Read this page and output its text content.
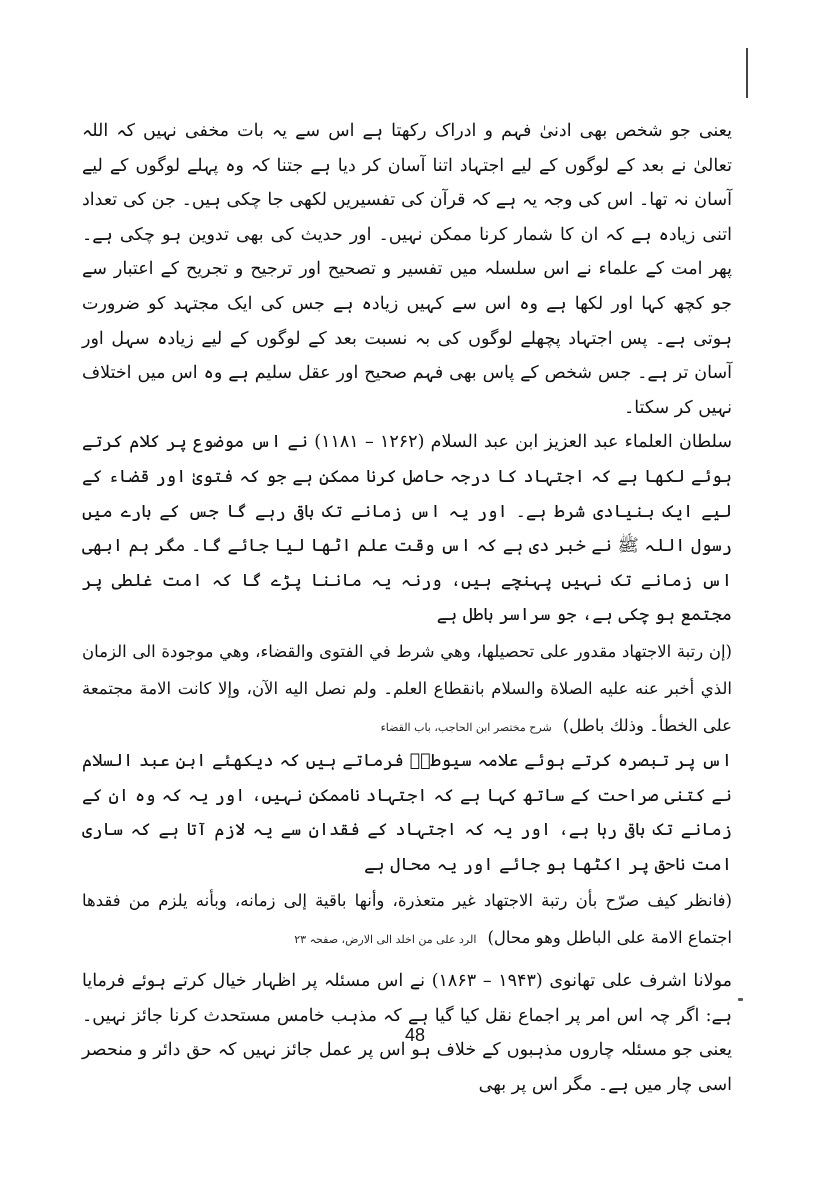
یعنی جو شخص بھی ادنیٰ فہم و ادراک رکھتا ہے اس سے یہ بات مخفی نہیں کہ اللہ تعالیٰ نے بعد کے لوگوں کے لیے اجتہاد اتنا آسان کر دیا ہے جتنا کہ وہ پہلے لوگوں کے لیے آسان نہ تھا۔ اس کی وجہ یہ ہے کہ قرآن کی تفسیریں لکھی جا چکی ہیں۔ جن کی تعداد اتنی زیادہ ہے کہ ان کا شمار کرنا ممکن نہیں۔ اور حدیث کی بھی تدوین ہو چکی ہے۔ پھر امت کے علماء نے اس سلسلہ میں تفسیر و تصحیح اور ترجیح و تجریح کے اعتبار سے جو کچھ کہا اور لکھا ہے وہ اس سے کہیں زیادہ ہے جس کی ایک مجتہد کو ضرورت ہوتی ہے۔ پس اجتہاد پچھلے لوگوں کی بہ نسبت بعد کے لوگوں کے لیے زیادہ سہل اور آسان تر ہے۔ جس شخص کے پاس بھی فہم صحیح اور عقل سلیم ہے وہ اس میں اختلاف نہیں کر سکتا۔

سلطان العلماء عبد العزیز ابن عبد السلام (۱۲۶۲ – ۱۱۸۱) نے اس موضوع پر کلام کرتے ہوئے لکھا ہے کہ اجتہاد کا درجہ حاصل کرنا ممکن ہے جو کہ فتویٰ اور قضاء کے لیے ایک بنیادی شرط ہے۔ اور یہ اس زمانے تک باقی رہے گا جس کے بارے میں رسول اللہ ﷺ نے خبر دی ہے کہ اس وقت علم اٹھا لیا جائے گا۔ مگر ہم ابھی اس زمانے تک نہیں پہنچے ہیں، ورنہ یہ ماننا پڑے گا کہ امت غلطی پر مجتمع ہو چکی ہے، جو سراسر باطل ہے

(إن رتبة الاجتهاد مقدور على تحصيلها، وهي شرط في الفتوى والقضاء، وهي موجودة الى الزمان الذي أخبر عنه عليه الصلاة والسلام بانقطاع العلم۔ ولم نصل اليه الآن، وإلا كانت الامة مجتمعة على الخطأ۔ وذلك باطل) شرح مختصر ابن الحاجب، باب القضاء

اس پر تبصرہ کرتے ہوئے علامہ سیوطیؒ فرماتے ہیں کہ دیکھئے ابن عبد السلام نے کتنی صراحت کے ساتھ کہا ہے کہ اجتہاد ناممکن نہیں، اور یہ کہ وہ ان کے زمانے تک باقی رہا ہے، اور یہ کہ اجتہاد کے فقدان سے یہ لازم آتا ہے کہ ساری امت ناحق پر اکٹھا ہو جائے اور یہ محال ہے

(فانظر كيف صرّح بأن رتبة الاجتهاد غير متعذرة، وأنها باقية إلى زمانه، وبأنه يلزم من فقدها اجتماع الامة على الباطل وهو محال) الرد علی من اخلد الی الارض، صفحہ ۲۳

مولانا اشرف علی تھانوی (۱۹۴۳ – ۱۸۶۳) نے اس مسئلہ پر اظہار خیال کرتے ہوئے فرمایا ہے: اگر چہ اس امر پر اجماع نقل کیا گیا ہے کہ مذہب خامس مستحدث کرنا جائز نہیں۔ یعنی جو مسئلہ چاروں مذہبوں کے خلاف ہو اس پر عمل جائز نہیں کہ حق دائر و منحصر اسی چار میں ہے۔ مگر اس پر بھی

48
